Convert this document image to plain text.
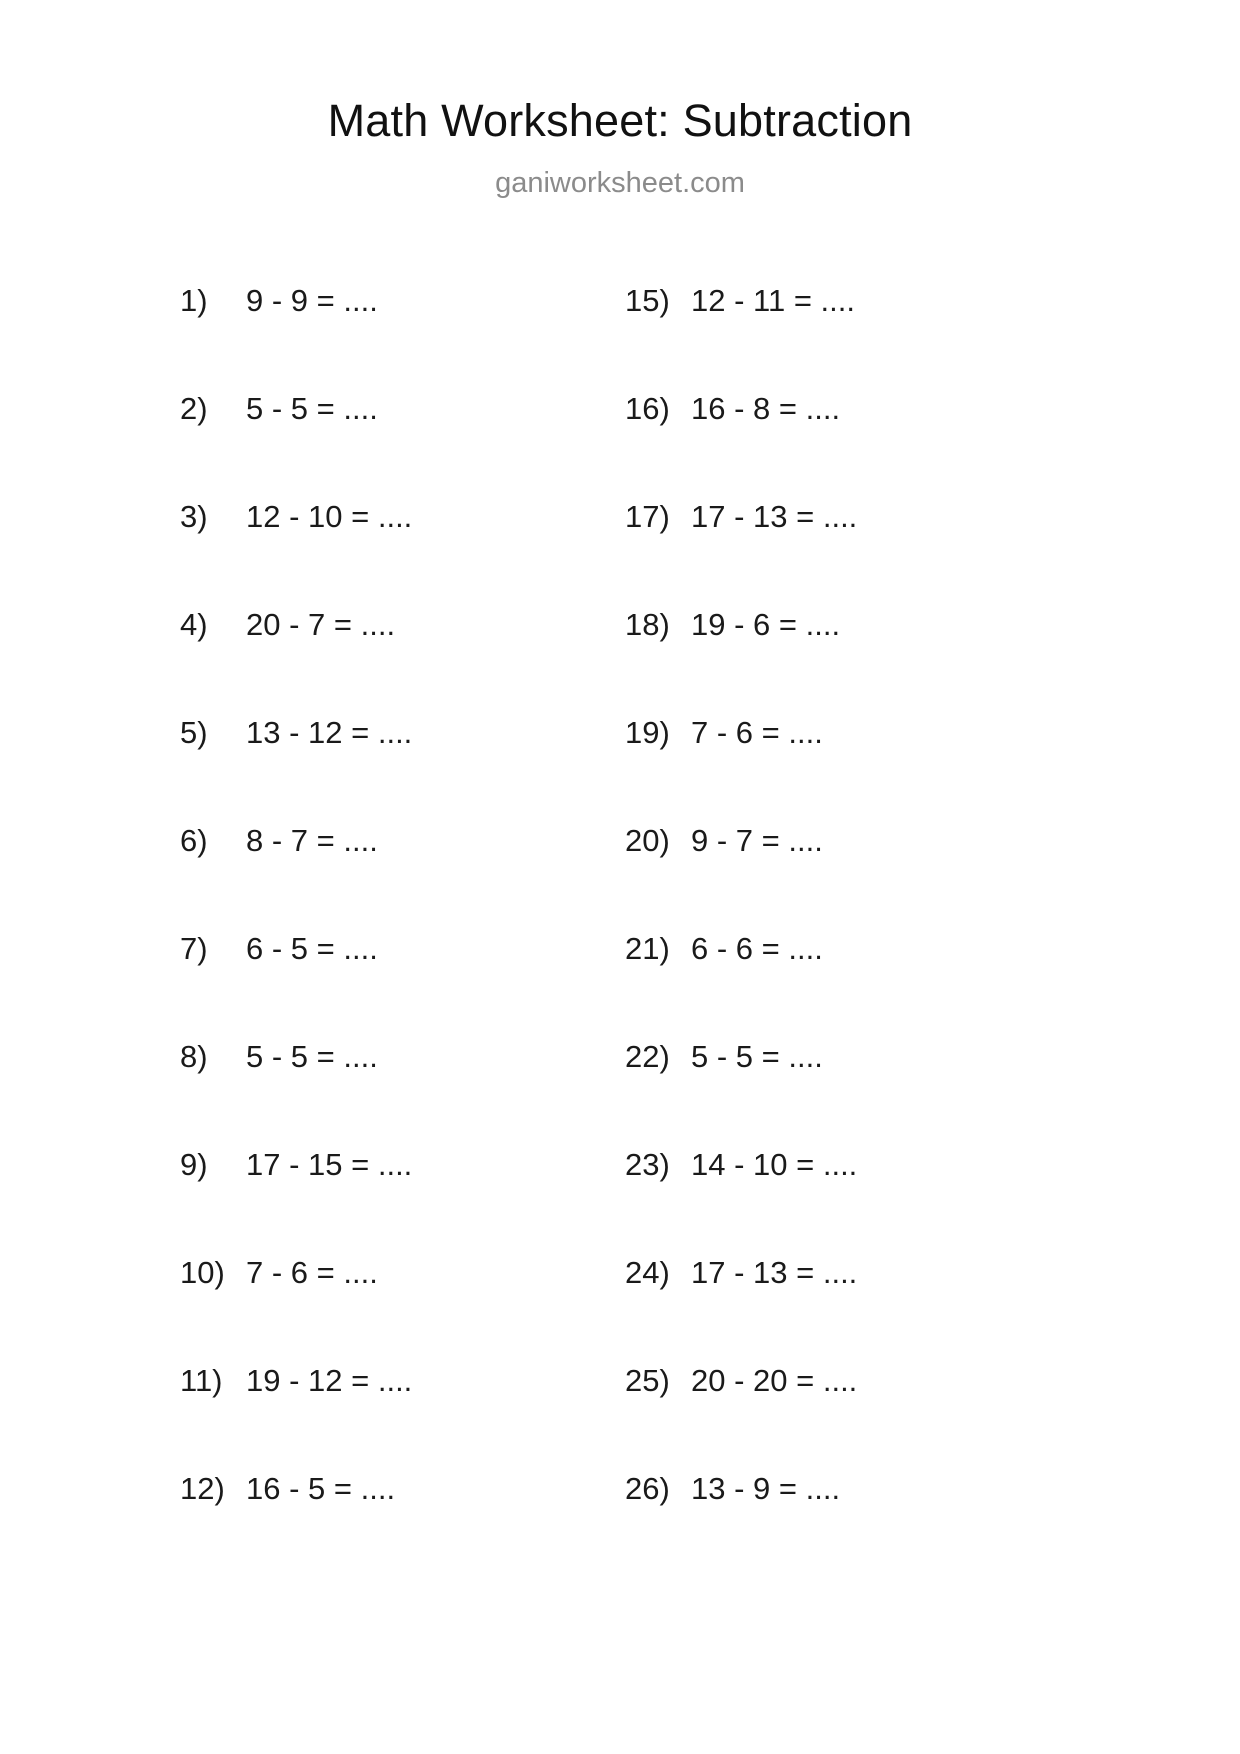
Math Worksheet: Subtraction
ganiworksheet.com
1)	9 - 9 = ....
2)	5 - 5 = ....
3)	12 - 10 = ....
4)	20 - 7 = ....
5)	13 - 12 = ....
6)	8 - 7 = ....
7)	6 - 5 = ....
8)	5 - 5 = ....
9)	17 - 15 = ....
10) 7 - 6 = ....
11) 19 - 12 = ....
12) 16 - 5 = ....
15) 12 - 11 = ....
16) 16 - 8 = ....
17) 17 - 13 = ....
18) 19 - 6 = ....
19) 7 - 6 = ....
20) 9 - 7 = ....
21) 6 - 6 = ....
22) 5 - 5 = ....
23) 14 - 10 = ....
24) 17 - 13 = ....
25) 20 - 20 = ....
26) 13 - 9 = ....
